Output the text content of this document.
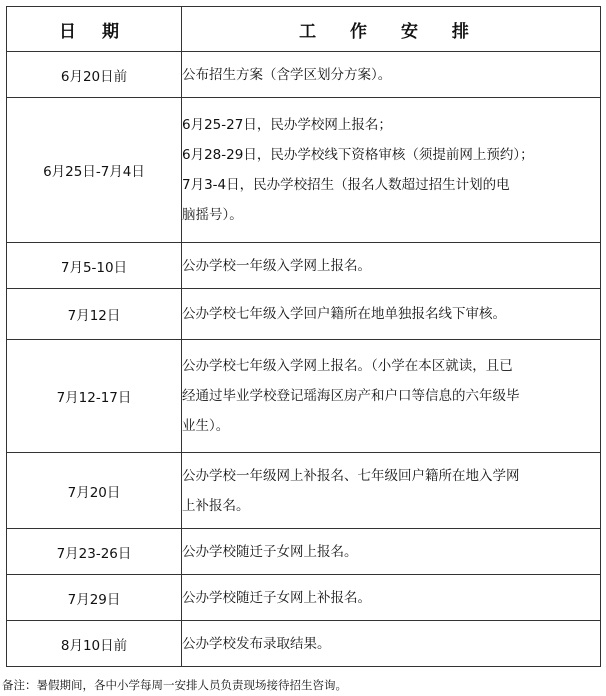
日 期	工 作 安 排
6月20日前	公布招生方案（含学区划分方案）。

6月25日-7月4日	6月25-27日，民办学校网上报名；
6月28-29日，民办学校线下资格审核（须提前网上预约）；
7月3-4日，民办学校招生（报名人数超过招生计划的电
脑摇号）。

7月5-10日	公办学校一年级入学网上报名。

7月12日	公办学校七年级入学回户籍所在地单独报名线下审核。

7月12-17日	公办学校七年级入学网上报名。（小学在本区就读，且已
经通过毕业学校登记瑶海区房产和户口等信息的六年级毕
业生）。

7月20日	公办学校一年级网上补报名、七年级回户籍所在地入学网
上补报名。

7月23-26日	公办学校随迁子女网上报名。

7月29日	公办学校随迁子女网上补报名。

8月10日前	公办学校发布录取结果。
备注：暑假期间，各中小学每周一安排人员负责现场接待招生咨询。
